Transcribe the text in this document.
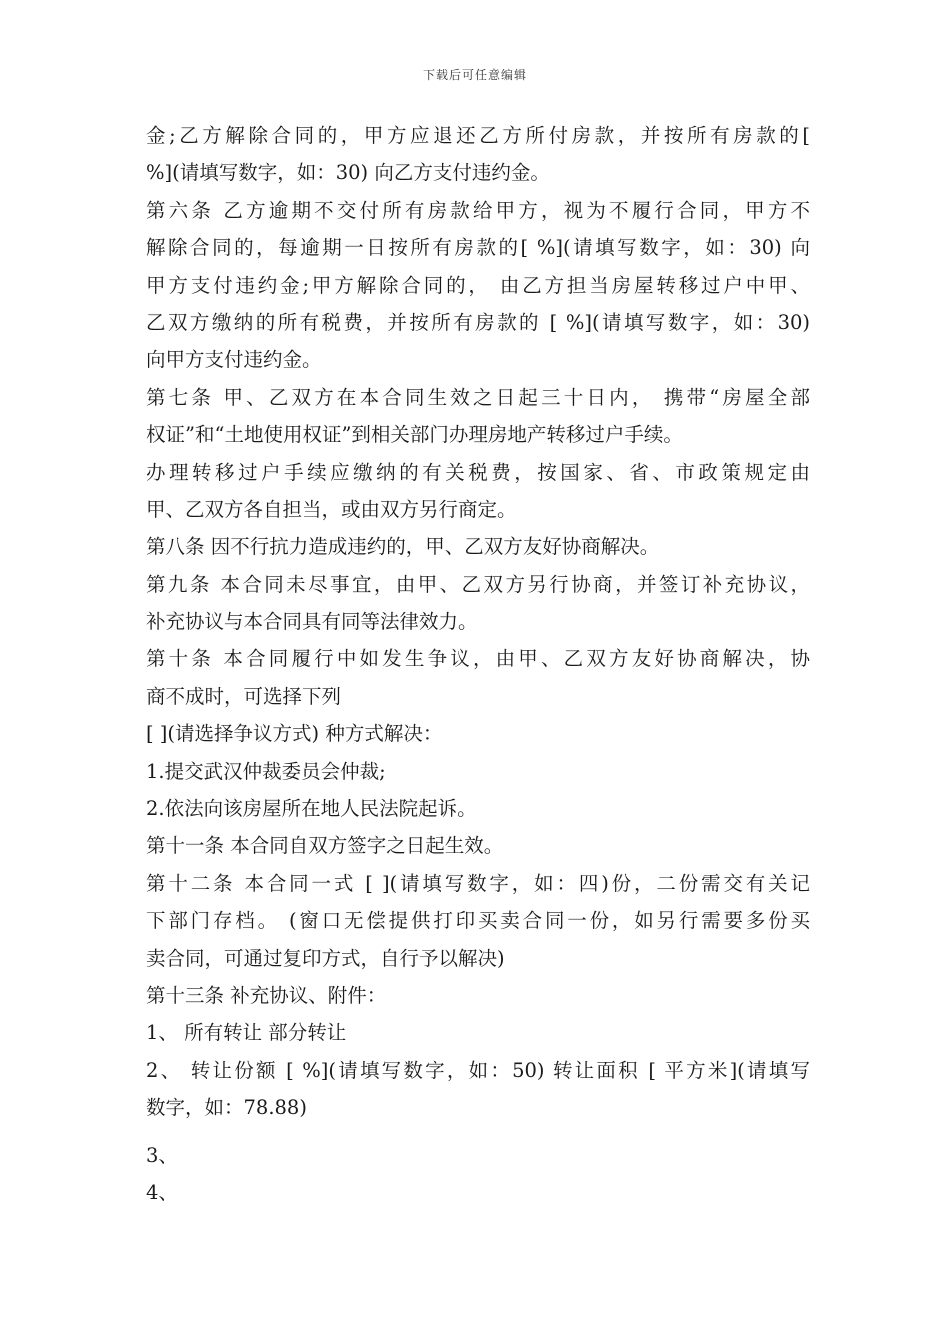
下载后可任意编辑
金;乙方解除合同的，甲方应退还乙方所付房款，并按所有房款的[
%](请填写数字，如：30) 向乙方支付违约金。
第六条 乙方逾期不交付所有房款给甲方，视为不履行合同，甲方不
解除合同的，每逾期一日按所有房款的[ %](请填写数字，如：30) 向
甲方支付违约金;甲方解除合同的， 由乙方担当房屋转移过户中甲、
乙双方缴纳的所有税费，并按所有房款的 [ %](请填写数字，如：30)
向甲方支付违约金。
第七条 甲、乙双方在本合同生效之日起三十日内， 携带“房屋全部
权证”和“土地使用权证”到相关部门办理房地产转移过户手续。
办理转移过户手续应缴纳的有关税费，按国家、省、市政策规定由
甲、乙双方各自担当，或由双方另行商定。
第八条 因不行抗力造成违约的，甲、乙双方友好协商解决。
第九条 本合同未尽事宜，由甲、乙双方另行协商，并签订补充协议，
补充协议与本合同具有同等法律效力。
第十条 本合同履行中如发生争议，由甲、乙双方友好协商解决，协
商不成时，可选择下列
[ ](请选择争议方式) 种方式解决：
1.提交武汉仲裁委员会仲裁;
2.依法向该房屋所在地人民法院起诉。
第十一条 本合同自双方签字之日起生效。
第十二条 本合同一式 [ ](请填写数字，如：四)份，二份需交有关记
下部门存档。 (窗口无偿提供打印买卖合同一份，如另行需要多份买
卖合同，可通过复印方式，自行予以解决)
第十三条 补充协议、附件：
1、 所有转让 部分转让
2、 转让份额 [ %](请填写数字，如：50) 转让面积 [ 平方米](请填写
数字，如：78.88)
3、
4、
